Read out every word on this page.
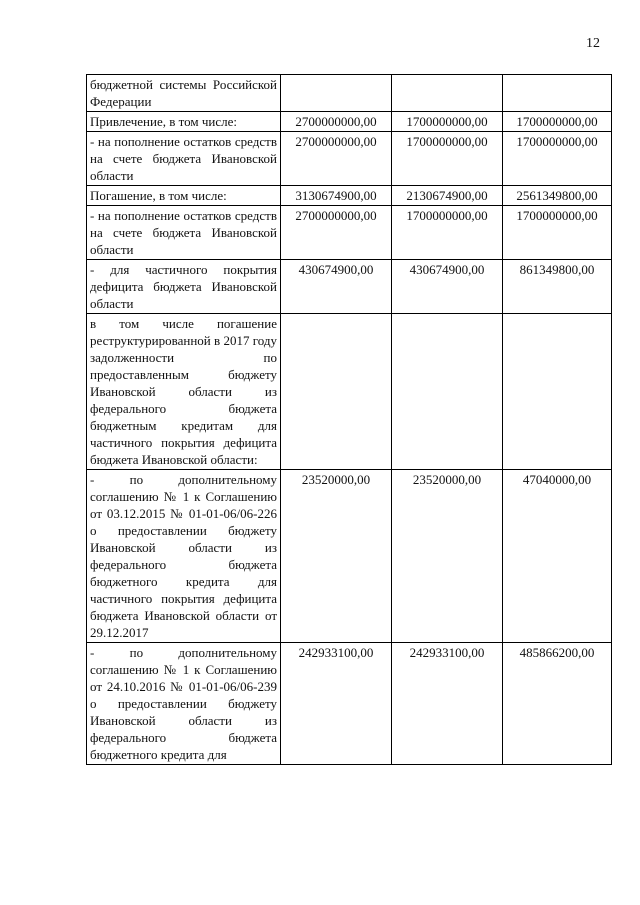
12
бюджетной системы Российской Федерации			
Привлечение, в том числе:	2700000000,00	1700000000,00	1700000000,00
- на пополнение остатков средств на счете бюджета Ивановской области	2700000000,00	1700000000,00	1700000000,00
Погашение, в том числе:	3130674900,00	2130674900,00	2561349800,00
- на пополнение остатков средств на счете бюджета Ивановской области	2700000000,00	1700000000,00	1700000000,00
- для частичного покрытия дефицита бюджета Ивановской области	430674900,00	430674900,00	861349800,00
в том числе погашение реструктурированной в 2017 году задолженности по предоставленным бюджету Ивановской области из федерального бюджета бюджетным кредитам для частичного покрытия дефицита бюджета Ивановской области:			
- по дополнительному соглашению № 1 к Соглашению от 03.12.2015 № 01-01-06/06-226 о предоставлении бюджету Ивановской области из федерального бюджета бюджетного кредита для частичного покрытия дефицита бюджета Ивановской области от 29.12.2017	23520000,00	23520000,00	47040000,00
- по дополнительному соглашению № 1 к Соглашению от 24.10.2016 № 01-01-06/06-239 о предоставлении бюджету Ивановской области из федерального бюджета бюджетного кредита для	242933100,00	242933100,00	485866200,00
